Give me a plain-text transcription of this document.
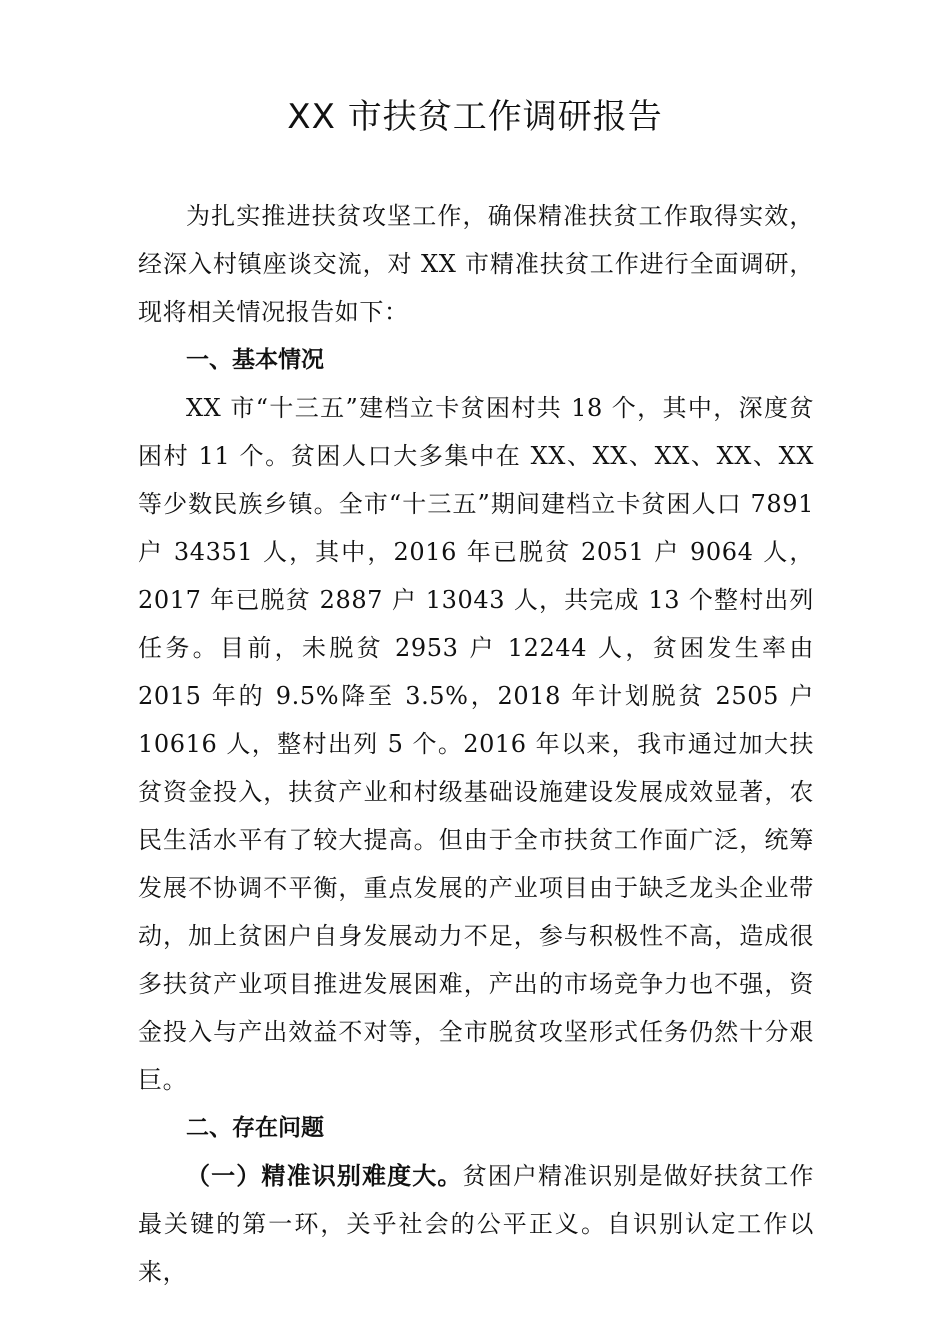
XX 市扶贫工作调研报告

为扎实推进扶贫攻坚工作，确保精准扶贫工作取得实效，经深入村镇座谈交流，对 XX 市精准扶贫工作进行全面调研，现将相关情况报告如下：

一、基本情况

XX 市“十三五”建档立卡贫困村共 18 个，其中，深度贫困村 11 个。贫困人口大多集中在 XX、XX、XX、XX、XX 等少数民族乡镇。全市“十三五”期间建档立卡贫困人口 7891 户 34351 人，其中，2016 年已脱贫 2051 户 9064 人，2017 年已脱贫 2887 户 13043 人，共完成 13 个整村出列任务。目前，未脱贫 2953 户 12244 人，贫困发生率由 2015 年的 9.5%降至 3.5%，2018 年计划脱贫 2505 户 10616 人，整村出列 5 个。2016 年以来，我市通过加大扶贫资金投入，扶贫产业和村级基础设施建设发展成效显著，农民生活水平有了较大提高。但由于全市扶贫工作面广泛，统筹发展不协调不平衡，重点发展的产业项目由于缺乏龙头企业带动，加上贫困户自身发展动力不足，参与积极性不高，造成很多扶贫产业项目推进发展困难，产出的市场竞争力也不强，资金投入与产出效益不对等，全市脱贫攻坚形式任务仍然十分艰巨。

二、存在问题

（一）精准识别难度大。贫困户精准识别是做好扶贫工作最关键的第一环，关乎社会的公平正义。自识别认定工作以来，
